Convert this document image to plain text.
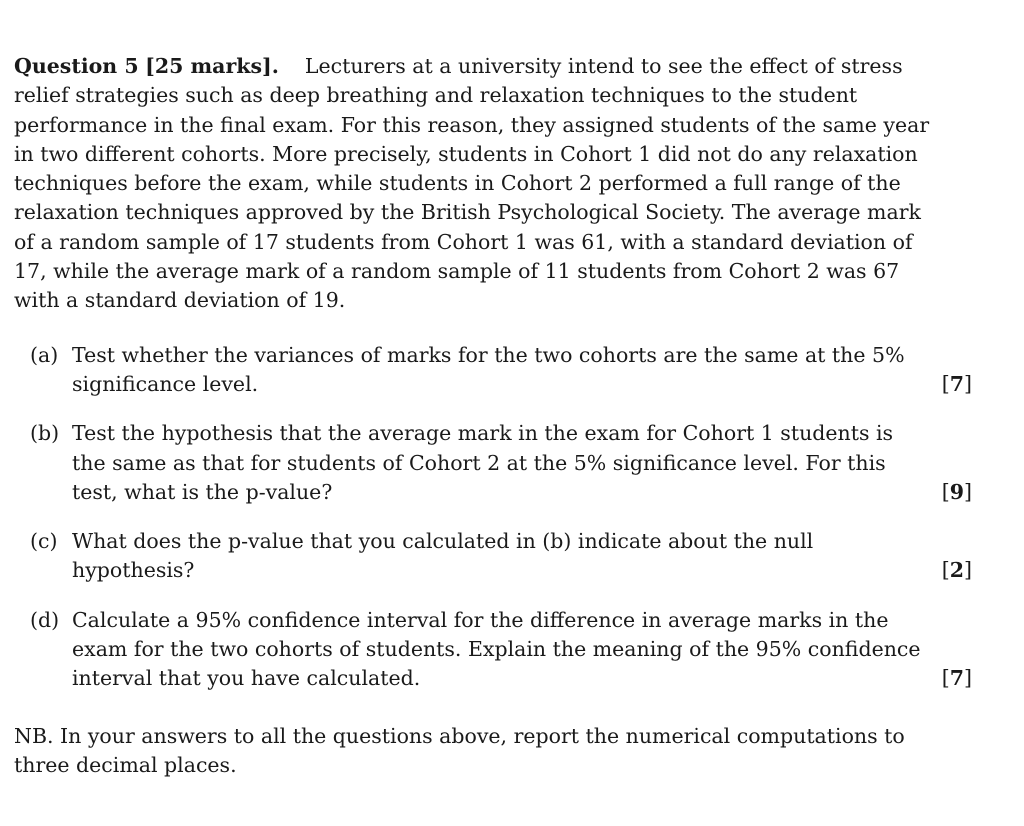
Question 5 [25 marks]. Lecturers at a university intend to see the effect of stress relief strategies such as deep breathing and relaxation techniques to the student performance in the final exam. For this reason, they assigned students of the same year in two different cohorts. More precisely, students in Cohort 1 did not do any relaxation techniques before the exam, while students in Cohort 2 performed a full range of the relaxation techniques approved by the British Psychological Society. The average mark of a random sample of 17 students from Cohort 1 was 61, with a standard deviation of 17, while the average mark of a random sample of 11 students from Cohort 2 was 67 with a standard deviation of 19.

(a) Test whether the variances of marks for the two cohorts are the same at the 5% significance level.	[7]
(b) Test the hypothesis that the average mark in the exam for Cohort 1 students is the same as that for students of Cohort 2 at the 5% significance level. For this test, what is the p-value?	[9]
(c) What does the p-value that you calculated in (b) indicate about the null hypothesis?	[2]
(d) Calculate a 95% confidence interval for the difference in average marks in the exam for the two cohorts of students. Explain the meaning of the 95% confidence interval that you have calculated.	[7]

NB. In your answers to all the questions above, report the numerical computations to three decimal places.
